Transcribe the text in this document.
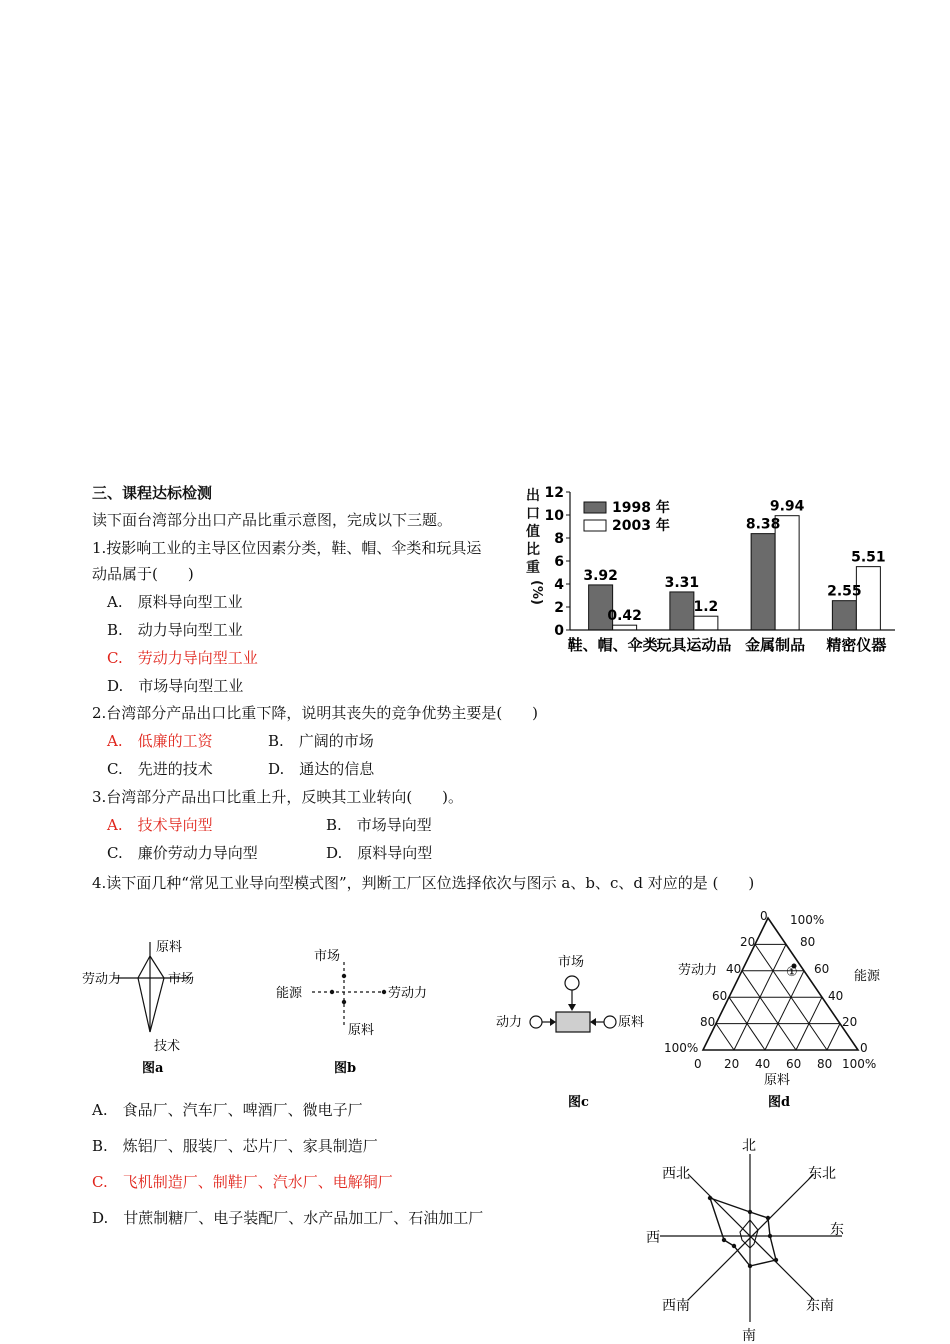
三、课程达标检测
读下面台湾部分出口产品比重示意图，完成以下三题。
1.按影响工业的主导区位因素分类，鞋、帽、伞类和玩具运
动品属于(　　)
A.　原料导向型工业
B.　动力导向型工业
C.　劳动力导向型工业
D.　市场导向型工业
2.台湾部分产品出口比重下降，说明其丧失的竞争优势主要是(　　)
A.　低廉的工资	B.　广阔的市场
C.　先进的技术	D.　通达的信息
3.台湾部分产品出口比重上升，反映其工业转向(　　)。
A.　技术导向型	B.　市场导向型
C.　廉价劳动力导向型	D.　原料导向型
4.读下面几种“常见工业导向型模式图”，判断工厂区位选择依次与图示 a、b、c、d 对应的是 (　　)
A.　食品厂、汽车厂、啤酒厂、微电子厂
B.　炼铝厂、服装厂、芯片厂、家具制造厂
C.　飞机制造厂、制鞋厂、汽水厂、电解铜厂
D.　甘蔗制糖厂、电子装配厂、水产品加工厂、石油加工厂
出
口
值
比
重
(%)
0
2
4
6
8
10
12
3.92
0.42
鞋、帽、伞类
3.31
1.2
玩具运动品
8.38
9.94
金属制品
2.55
5.51
精密仪器
1998 年
2003 年
原料
劳动力	市场
技术
图a
市场
能源	劳动力
原料
图b
市场
动力	原料
图c
①
劳动力	能源
原料
0 20 40 60 80 100%
0
20
40
60
80
100%
100%
80
60
40
20
0
图d
北
东北
东
东南
南
西南
西
西北
